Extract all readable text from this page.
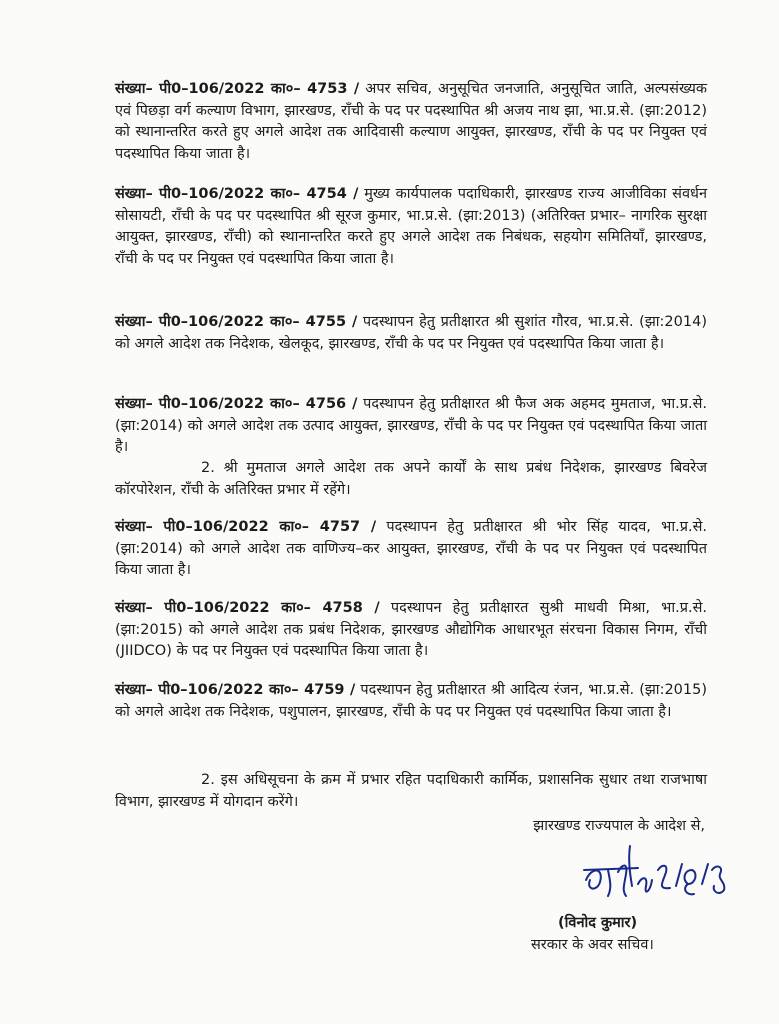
संख्या– पी0–106/2022 का०– 4753 / अपर सचिव, अनुसूचित जनजाति, अनुसूचित जाति, अल्पसंख्यक एवं पिछड़ा वर्ग कल्याण विभाग, झारखण्ड, राँची के पद पर पदस्थापित श्री अजय नाथ झा, भा.प्र.से. (झा:2012) को स्थानान्तरित करते हुए अगले आदेश तक आदिवासी कल्याण आयुक्त, झारखण्ड, राँची के पद पर नियुक्त एवं पदस्थापित किया जाता है।

संख्या– पी0–106/2022 का०– 4754 / मुख्य कार्यपालक पदाधिकारी, झारखण्ड राज्य आजीविका संवर्धन सोसायटी, राँची के पद पर पदस्थापित श्री सूरज कुमार, भा.प्र.से. (झा:2013) (अतिरिक्त प्रभार– नागरिक सुरक्षा आयुक्त, झारखण्ड, राँची) को स्थानान्तरित करते हुए अगले आदेश तक निबंधक, सहयोग समितियाँ, झारखण्ड, राँची के पद पर नियुक्त एवं पदस्थापित किया जाता है।

संख्या– पी0–106/2022 का०– 4755 / पदस्थापन हेतु प्रतीक्षारत श्री सुशांत गौरव, भा.प्र.से. (झा:2014) को अगले आदेश तक निदेशक, खेलकूद, झारखण्ड, राँची के पद पर नियुक्त एवं पदस्थापित किया जाता है।

संख्या– पी0–106/2022 का०– 4756 / पदस्थापन हेतु प्रतीक्षारत श्री फैज अक अहमद मुमताज, भा.प्र.से. (झा:2014) को अगले आदेश तक उत्पाद आयुक्त, झारखण्ड, राँची के पद पर नियुक्त एवं पदस्थापित किया जाता है।

2. श्री मुमताज अगले आदेश तक अपने कार्यों के साथ प्रबंध निदेशक, झारखण्ड बिवरेज कॉरपोरेशन, राँची के अतिरिक्त प्रभार में रहेंगे।

संख्या– पी0–106/2022 का०– 4757 / पदस्थापन हेतु प्रतीक्षारत श्री भोर सिंह यादव, भा.प्र.से. (झा:2014) को अगले आदेश तक वाणिज्य–कर आयुक्त, झारखण्ड, राँची के पद पर नियुक्त एवं पदस्थापित किया जाता है।

संख्या– पी0–106/2022 का०– 4758 / पदस्थापन हेतु प्रतीक्षारत सुश्री माधवी मिश्रा, भा.प्र.से. (झा:2015) को अगले आदेश तक प्रबंध निदेशक, झारखण्ड औद्योगिक आधारभूत संरचना विकास निगम, राँची (JIIDCO) के पद पर नियुक्त एवं पदस्थापित किया जाता है।

संख्या– पी0–106/2022 का०– 4759 / पदस्थापन हेतु प्रतीक्षारत श्री आदित्य रंजन, भा.प्र.से. (झा:2015) को अगले आदेश तक निदेशक, पशुपालन, झारखण्ड, राँची के पद पर नियुक्त एवं पदस्थापित किया जाता है।

2. इस अधिसूचना के क्रम में प्रभार रहित पदाधिकारी कार्मिक, प्रशासनिक सुधार तथा राजभाषा विभाग, झारखण्ड में योगदान करेंगे।

झारखण्ड राज्यपाल के आदेश से,
(विनोद कुमार)
सरकार के अवर सचिव।
